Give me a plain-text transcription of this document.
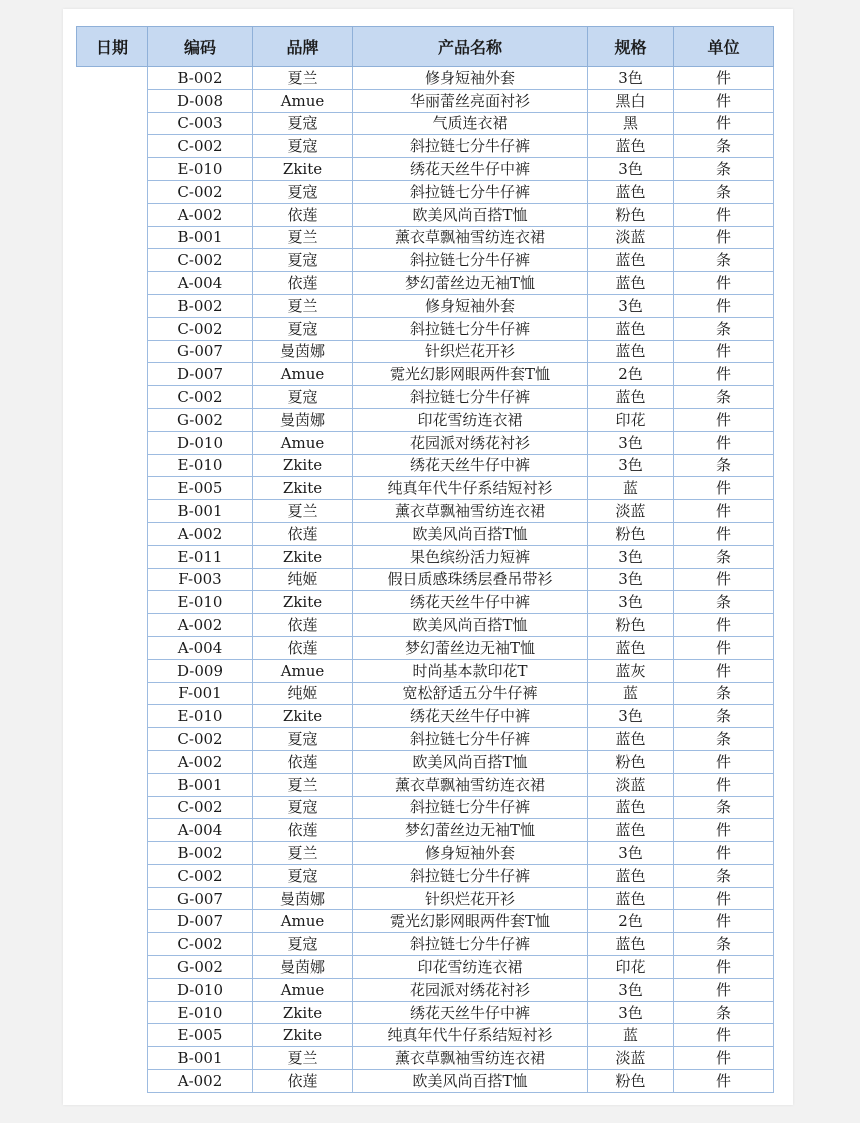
日期	编码	品牌	产品名称	规格	单位
	B-002	夏兰	修身短袖外套	3色	件
	D-008	Amue	华丽蕾丝亮面衬衫	黑白	件
	C-003	夏寇	气质连衣裙	黑	件
	C-002	夏寇	斜拉链七分牛仔裤	蓝色	条
	E-010	Zkite	绣花天丝牛仔中裤	3色	条
	C-002	夏寇	斜拉链七分牛仔裤	蓝色	条
	A-002	依莲	欧美风尚百搭T恤	粉色	件
	B-001	夏兰	薰衣草飘袖雪纺连衣裙	淡蓝	件
	C-002	夏寇	斜拉链七分牛仔裤	蓝色	条
	A-004	依莲	梦幻蕾丝边无袖T恤	蓝色	件
	B-002	夏兰	修身短袖外套	3色	件
	C-002	夏寇	斜拉链七分牛仔裤	蓝色	条
	G-007	曼茵娜	针织烂花开衫	蓝色	件
	D-007	Amue	霓光幻影网眼两件套T恤	2色	件
	C-002	夏寇	斜拉链七分牛仔裤	蓝色	条
	G-002	曼茵娜	印花雪纺连衣裙	印花	件
	D-010	Amue	花园派对绣花衬衫	3色	件
	E-010	Zkite	绣花天丝牛仔中裤	3色	条
	E-005	Zkite	纯真年代牛仔系结短衬衫	蓝	件
	B-001	夏兰	薰衣草飘袖雪纺连衣裙	淡蓝	件
	A-002	依莲	欧美风尚百搭T恤	粉色	件
	E-011	Zkite	果色缤纷活力短裤	3色	条
	F-003	纯姬	假日质感珠绣层叠吊带衫	3色	件
	E-010	Zkite	绣花天丝牛仔中裤	3色	条
	A-002	依莲	欧美风尚百搭T恤	粉色	件
	A-004	依莲	梦幻蕾丝边无袖T恤	蓝色	件
	D-009	Amue	时尚基本款印花T	蓝灰	件
	F-001	纯姬	宽松舒适五分牛仔裤	蓝	条
	E-010	Zkite	绣花天丝牛仔中裤	3色	条
	C-002	夏寇	斜拉链七分牛仔裤	蓝色	条
	A-002	依莲	欧美风尚百搭T恤	粉色	件
	B-001	夏兰	薰衣草飘袖雪纺连衣裙	淡蓝	件
	C-002	夏寇	斜拉链七分牛仔裤	蓝色	条
	A-004	依莲	梦幻蕾丝边无袖T恤	蓝色	件
	B-002	夏兰	修身短袖外套	3色	件
	C-002	夏寇	斜拉链七分牛仔裤	蓝色	条
	G-007	曼茵娜	针织烂花开衫	蓝色	件
	D-007	Amue	霓光幻影网眼两件套T恤	2色	件
	C-002	夏寇	斜拉链七分牛仔裤	蓝色	条
	G-002	曼茵娜	印花雪纺连衣裙	印花	件
	D-010	Amue	花园派对绣花衬衫	3色	件
	E-010	Zkite	绣花天丝牛仔中裤	3色	条
	E-005	Zkite	纯真年代牛仔系结短衬衫	蓝	件
	B-001	夏兰	薰衣草飘袖雪纺连衣裙	淡蓝	件
	A-002	依莲	欧美风尚百搭T恤	粉色	件
